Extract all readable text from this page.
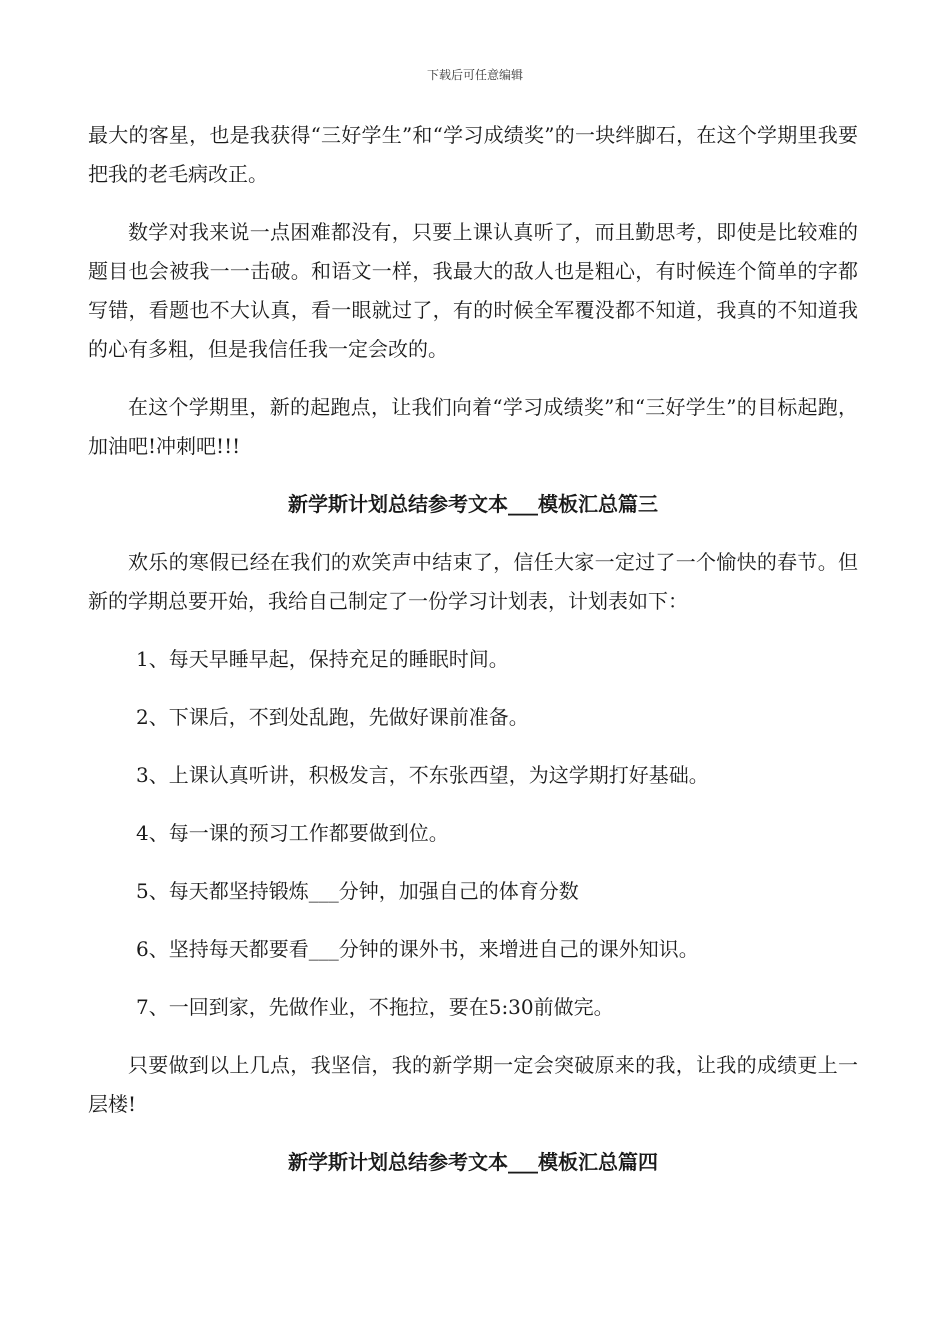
下载后可任意编辑

最大的客星，也是我获得“三好学生”和“学习成绩奖”的一块绊脚石，在这个学期里我要把我的老毛病改正。

数学对我来说一点困难都没有，只要上课认真听了，而且勤思考，即使是比较难的题目也会被我一一击破。和语文一样，我最大的敌人也是粗心，有时候连个简单的字都写错，看题也不大认真，看一眼就过了，有的时候全军覆没都不知道，我真的不知道我的心有多粗，但是我信任我一定会改的。

在这个学期里，新的起跑点，让我们向着“学习成绩奖”和“三好学生”的目标起跑，加油吧!冲刺吧!!!

新学斯计划总结参考文本___模板汇总篇三

欢乐的寒假已经在我们的欢笑声中结束了，信任大家一定过了一个愉快的春节。但新的学期总要开始，我给自己制定了一份学习计划表，计划表如下：

1、每天早睡早起，保持充足的睡眠时间。
2、下课后，不到处乱跑，先做好课前准备。
3、上课认真听讲，积极发言，不东张西望，为这学期打好基础。
4、每一课的预习工作都要做到位。
5、每天都坚持锻炼___分钟，加强自己的体育分数
6、坚持每天都要看___分钟的课外书，来增进自己的课外知识。
7、一回到家，先做作业，不拖拉，要在5:30前做完。

只要做到以上几点，我坚信，我的新学期一定会突破原来的我，让我的成绩更上一层楼!

新学斯计划总结参考文本___模板汇总篇四
